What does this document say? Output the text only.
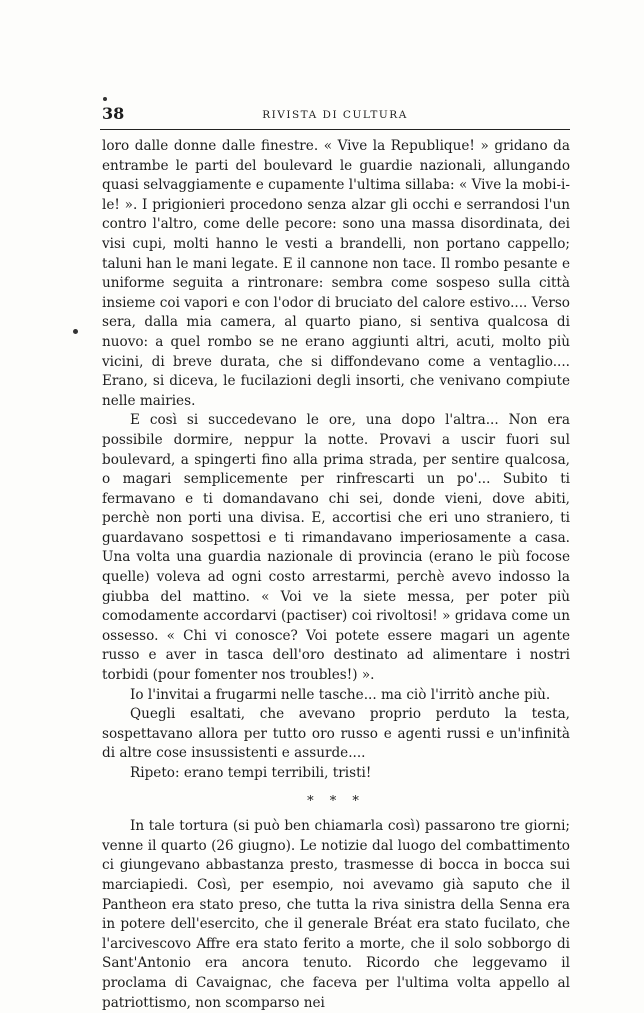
38	RIVISTA DI CULTURA

loro dalle donne dalle finestre. « Vive la Republique! » gridano da entrambe le parti del boulevard le guardie nazionali, allungando quasi selvaggiamente e cupamente l'ultima sillaba: « Vive la mobi-i-le! ». I prigionieri procedono senza alzar gli occhi e serrandosi l'un contro l'altro, come delle pecore: sono una massa disordinata, dei visi cupi, molti hanno le vesti a brandelli, non portano cappello; taluni han le mani legate. E il cannone non tace. Il rombo pesante e uniforme seguita a rintronare: sembra come sospeso sulla città insieme coi vapori e con l'odor di bruciato del calore estivo.... Verso sera, dalla mia camera, al quarto piano, si sentiva qualcosa di nuovo: a quel rombo se ne erano aggiunti altri, acuti, molto più vicini, di breve durata, che si diffondevano come a ventaglio.... Erano, si diceva, le fucilazioni degli insorti, che venivano compiute nelle mairies.

E così si succedevano le ore, una dopo l'altra... Non era possibile dormire, neppur la notte. Provavi a uscir fuori sul boulevard, a spingerti fino alla prima strada, per sentire qualcosa, o magari semplicemente per rinfrescarti un po'... Subito ti fermavano e ti domandavano chi sei, donde vieni, dove abiti, perchè non porti una divisa. E, accortisi che eri uno straniero, ti guardavano sospettosi e ti rimandavano imperiosamente a casa. Una volta una guardia nazionale di provincia (erano le più focose quelle) voleva ad ogni costo arrestarmi, perchè avevo indosso la giubba del mattino. « Voi ve la siete messa, per poter più comodamente accordarvi (pactiser) coi rivoltosi! » gridava come un ossesso. « Chi vi conosce? Voi potete essere magari un agente russo e aver in tasca dell'oro destinato ad alimentare i nostri torbidi (pour fomenter nos troubles!) ».

Io l'invitai a frugarmi nelle tasche... ma ciò l'irritò anche più.

Quegli esaltati, che avevano proprio perduto la testa, sospettavano allora per tutto oro russo e agenti russi e un'infinità di altre cose insussistenti e assurde....

Ripeto: erano tempi terribili, tristi!

* * *

In tale tortura (si può ben chiamarla così) passarono tre giorni; venne il quarto (26 giugno). Le notizie dal luogo del combattimento ci giungevano abbastanza presto, trasmesse di bocca in bocca sui marciapiedi. Così, per esempio, noi avevamo già saputo che il Pantheon era stato preso, che tutta la riva sinistra della Senna era in potere dell'esercito, che il generale Bréat era stato fucilato, che l'arcivescovo Affre era stato ferito a morte, che il solo sobborgo di Sant'Antonio era ancora tenuto. Ricordo che leggevamo il proclama di Cavaignac, che faceva per l'ultima volta appello al patriottismo, non scomparso nei
